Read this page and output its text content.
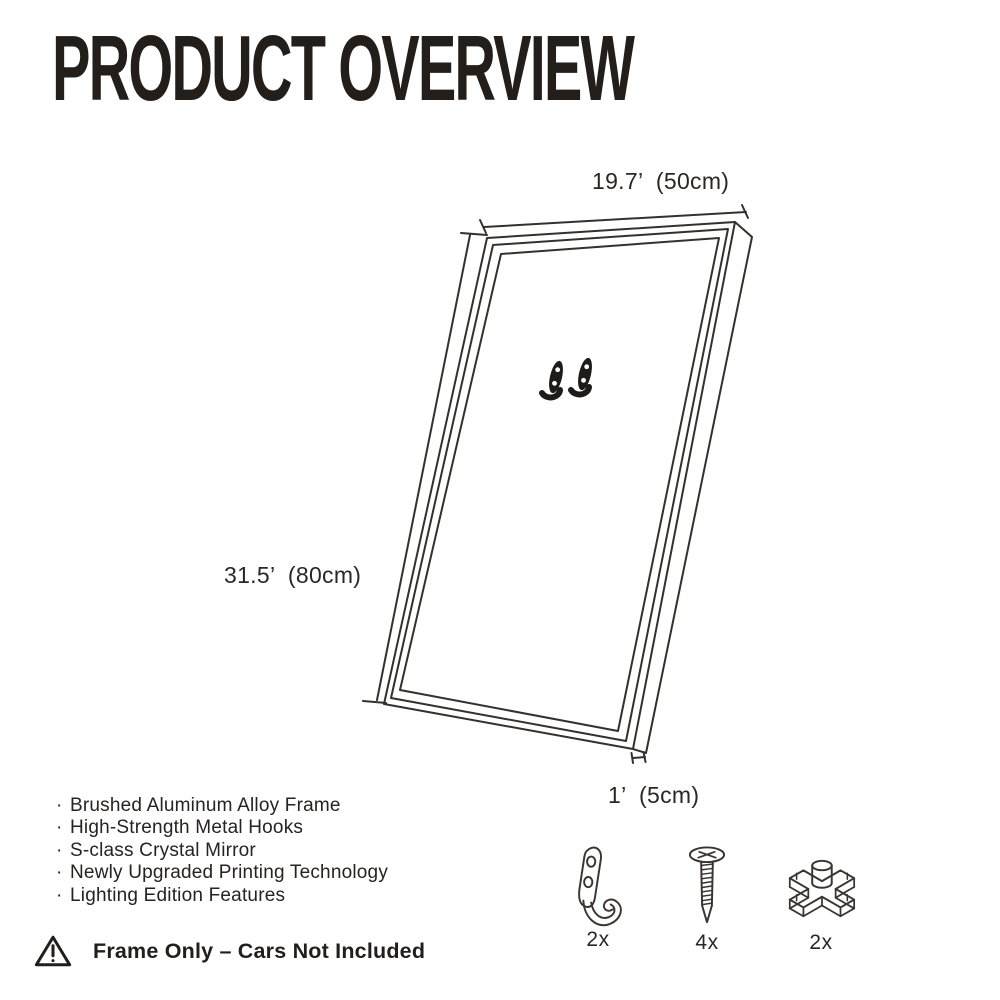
PRODUCT OVERVIEW
19.7’  (50cm)
31.5’  (80cm)
1’  (5cm)
· Brushed Aluminum Alloy Frame
· High-Strength Metal Hooks
· S-class Crystal Mirror
· Newly Upgraded Printing Technology
· Lighting Edition Features
Frame Only – Cars Not Included	2x	4x	2x
